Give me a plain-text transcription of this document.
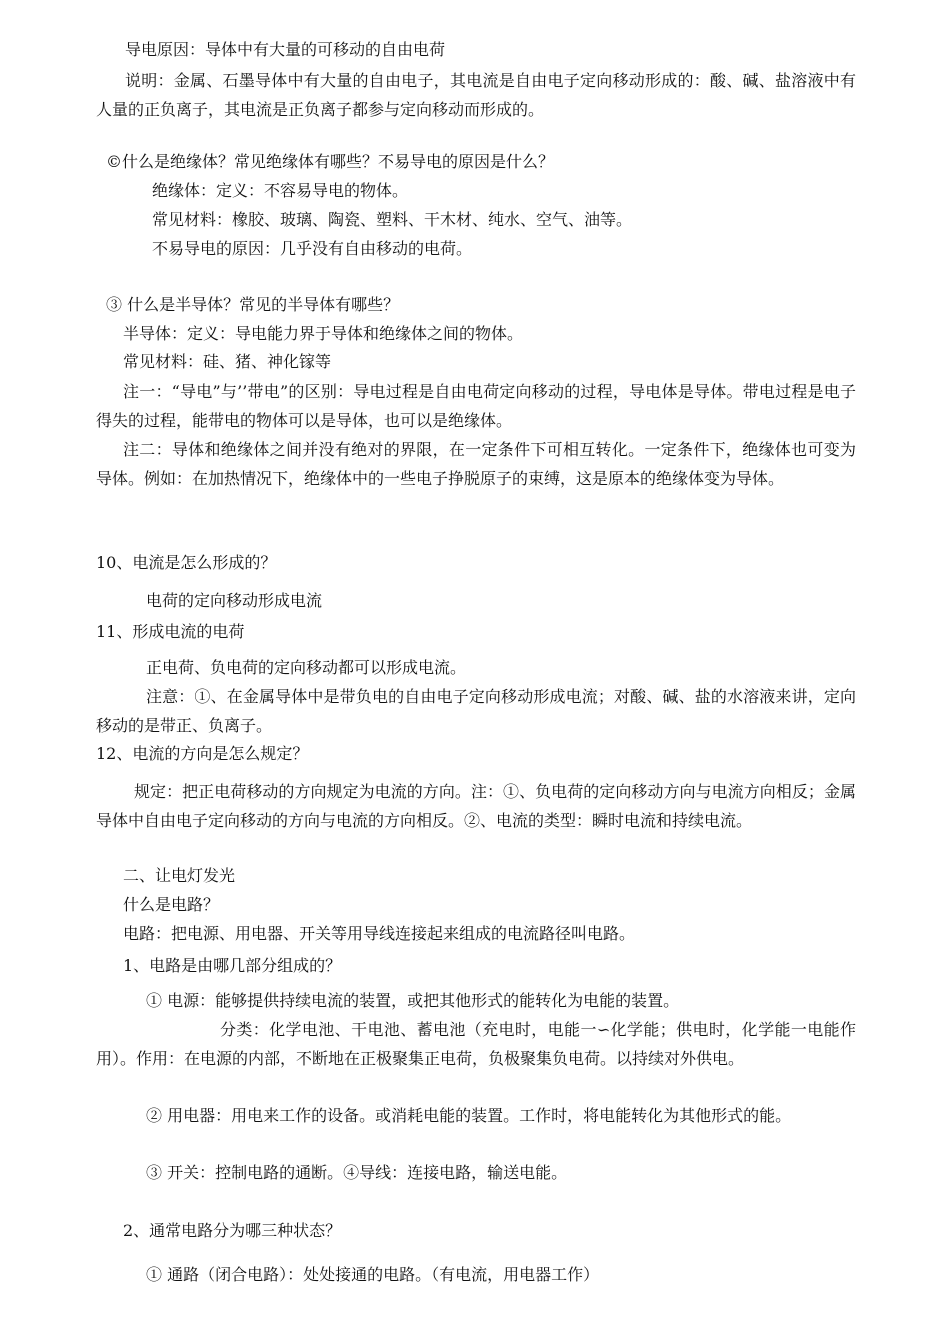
导电原因：导体中有大量的可移动的自由电荷

说明：金属、石墨导体中有大量的自由电子，其电流是自由电子定向移动形成的：酸、碱、盐溶液中有人量的正负离子，其电流是正负离子都参与定向移动而形成的。

©什么是绝缘体？常见绝缘体有哪些？不易导电的原因是什么？

绝缘体：定义：不容易导电的物体。

常见材料：橡胶、玻璃、陶瓷、塑料、干木材、纯水、空气、油等。

不易导电的原因：几乎没有自由移动的电荷。

③ 什么是半导体？常见的半导体有哪些？

半导体：定义：导电能力界于导体和绝缘体之间的物体。

常见材料：硅、猪、神化镓等

注一：“导电”与’’带电”的区别：导电过程是自由电荷定向移动的过程，导电体是导体。带电过程是电子得失的过程，能带电的物体可以是导体，也可以是绝缘体。

注二：导体和绝缘体之间并没有绝对的界限，在一定条件下可相互转化。一定条件下，绝缘体也可变为导体。例如：在加热情况下，绝缘体中的一些电子挣脱原子的束缚，这是原本的绝缘体变为导体。

10、电流是怎么形成的？

电荷的定向移动形成电流

11、形成电流的电荷

正电荷、负电荷的定向移动都可以形成电流。

注意：①、在金属导体中是带负电的自由电子定向移动形成电流；对酸、碱、盐的水溶液来讲，定向移动的是带正、负离子。

12、电流的方向是怎么规定？

规定：把正电荷移动的方向规定为电流的方向。注：①、负电荷的定向移动方向与电流方向相反；金属导体中自由电子定向移动的方向与电流的方向相反。②、电流的类型：瞬时电流和持续电流。

二、让电灯发光

什么是电路？

电路：把电源、用电器、开关等用导线连接起来组成的电流路径叫电路。

1、电路是由哪几部分组成的？

① 电源：能够提供持续电流的装置，或把其他形式的能转化为电能的装置。

分类：化学电池、干电池、蓄电池（充电时，电能一∽化学能；供电时，化学能一电能作用）。作用：在电源的内部，不断地在正极聚集正电荷，负极聚集负电荷。以持续对外供电。

② 用电器：用电来工作的设备。或消耗电能的装置。工作时，将电能转化为其他形式的能。

③ 开关：控制电路的通断。④导线：连接电路，输送电能。

2、通常电路分为哪三种状态？

① 通路（闭合电路）：处处接通的电路。（有电流，用电器工作）
